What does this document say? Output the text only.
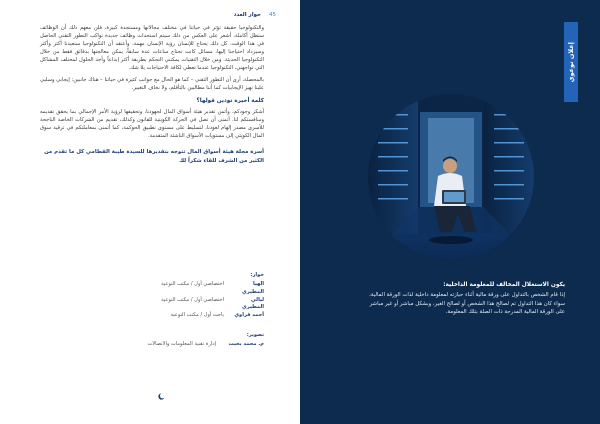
45
حوار العدد

والتكنولوجيا حقيقة تؤثر في حياتنا في مختلف مجالاتها ومستجدة كبيرة، فلن معهم ذلك أن الوظائف ستظل أكاملة، أشعر على العكس من ذلك سيتم استحداث وظائف جديدة تواكب التطور التقني الحاصل في هذا الوقت، كل ذلك يحتاج للإنسان رؤية الإنسان مهمة، وأعتقد أن التكنولوجيا ستعيدنا أكثر وأكثر وسيزداد احتياجنا إليها، مسائل كانت تحتاج ساعات عدة سابقاً، يمكن معالجتها بدقائق فقط من خلال التكنولوجيا الحديثة. ومن خلال التقنيات يمكنني التحكم بطريقة أكثر إبداعاً وأجد الحلول لمختلف المشاكل التي تواجهني، التكنولوجيا عندما تعطي لكافة الاحتياجات بلا شك.

بالمحصلة، أرى أن التطور التقني – كما هو الحال مع جوانب كثيرة في حياتنا – هناك جانبين: إيجابي وسلبي علينا نهيز الإيجابيات كما أننا مطالبين بالتأقلم، ولا نخاف التغيير.

كلمة أخيرة تودين قولها؟

أشكر وجودكم، وأثمن تقدير هيئة أسواق المال لجهودنا، وتحقيقها لرؤية الأمر الإجمالي بما يحقق تقديمه ومنافستكم لنا. أتمنى أن تصل في الحركة الكويتية للقانون وكذلك، تقديم من الشركات الخاصة الناجحة للأسرى مصدر إلهام لعودنا، لتسليط على مستوى تطبيق الحوكمة، كما أتمنى بمعاملتكم في ترقية سوق المال الكويتي إلى مستويات الأسواق الناشئة المتقدمة.

أسرة مجلة هيئة أسواق المال تتوجه بتقديرها للسيدة طيبة القطامي كل ما تقدم من الكثير من الشرف للقاء شكراً لك
حوار:
الهيا المطيري
اختصاصي أول / مكتب التوعية
ليالي المطيري
اختصاصي أول / مكتب التوعية
أحمد فراوي
باحث أول / مكتب التوعية
تصوير:
م. محمد بخيت
إدارة تقنية المعلومات والاتصالات
إعلان توعوي
يكون الاستغلال المخالف للمعلومة الداخلية:
إذا قام الشخص بالتداول على ورقة مالية أثناء حيازته لمعلومة داخلية لذات الورقة المالية، سواء كان هذا التداول تم لصالح هذا الشخص أو لصالح الغير، وبشكل مباشر أو غير مباشر على الورقة المالية المدرجة ذات الصلة بتلك المعلومة.
